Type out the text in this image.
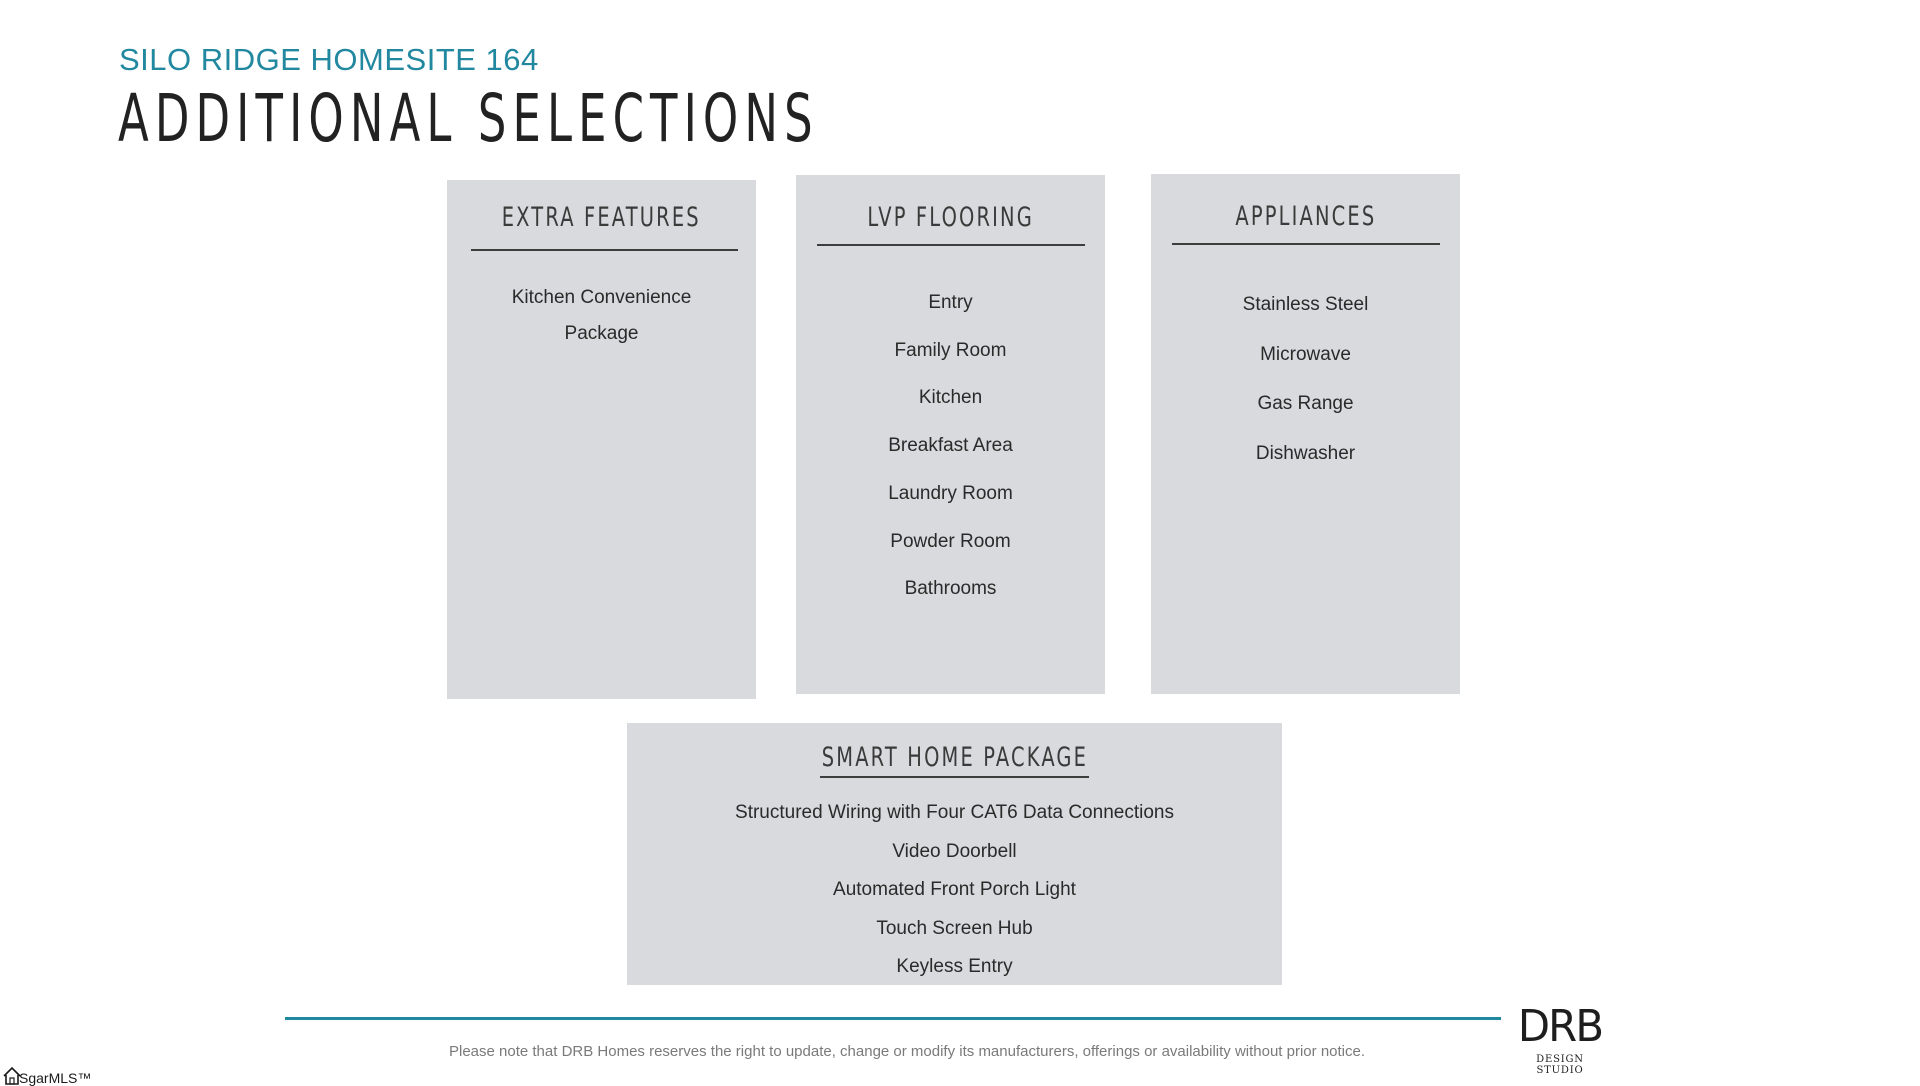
SILO RIDGE HOMESITE 164
ADDITIONAL SELECTIONS
EXTRA FEATURES
Kitchen Convenience Package
LVP FLOORING
Entry
Family Room
Kitchen
Breakfast Area
Laundry Room
Powder Room
Bathrooms
APPLIANCES
Stainless Steel
Microwave
Gas Range
Dishwasher
SMART HOME PACKAGE
Structured Wiring with Four CAT6 Data Connections
Video Doorbell
Automated Front Porch Light
Touch Screen Hub
Keyless Entry
Please note that DRB Homes reserves the right to update, change or modify its manufacturers, offerings or availability without prior notice.	DRB
DESIGN STUDIO
SgarMLS™
